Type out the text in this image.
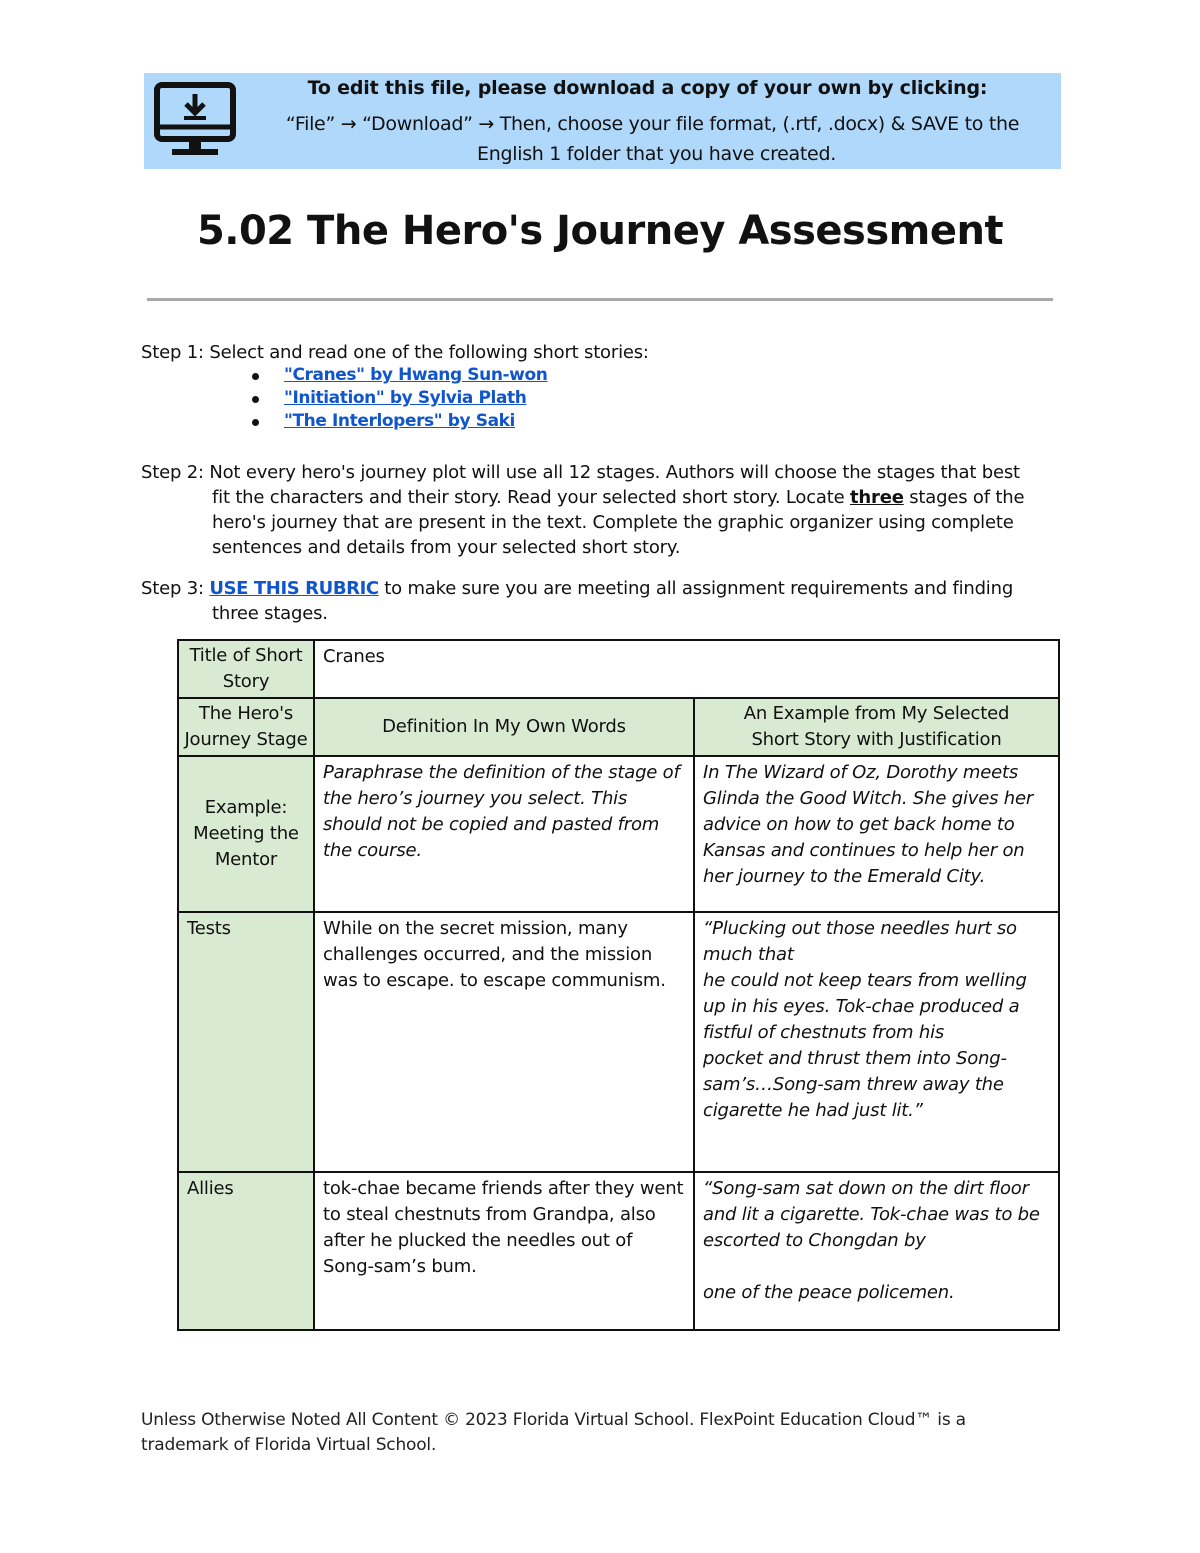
To edit this file, please download a copy of your own by clicking:
“File” → “Download” → Then, choose your file format, (.rtf, .docx) & SAVE to the
English 1 folder that you have created.
5.02 The Hero's Journey Assessment
Step 1: Select and read one of the following short stories:
"Cranes" by Hwang Sun-won
"Initiation" by Sylvia Plath
"The Interlopers" by Saki
Step 2: Not every hero's journey plot will use all 12 stages. Authors will choose the stages that best
fit the characters and their story. Read your selected short story. Locate three stages of the
hero's journey that are present in the text. Complete the graphic organizer using complete
sentences and details from your selected short story.
Step 3: USE THIS RUBRIC to make sure you are meeting all assignment requirements and finding
three stages.
Title of Short Story	Cranes	
The Hero's Journey Stage	Definition In My Own Words	An Example from My Selected Short Story with Justification
Example: Meeting the Mentor	Paraphrase the definition of the stage of the hero’s journey you select. This should not be copied and pasted from the course.	In The Wizard of Oz, Dorothy meets Glinda the Good Witch. She gives her advice on how to get back home to Kansas and continues to help her on her journey to the Emerald City.
Tests	While on the secret mission, many challenges occurred, and the mission was to escape. to escape communism.	“Plucking out those needles hurt so much that
he could not keep tears from welling up in his eyes. Tok-chae produced a fistful of chestnuts from his
pocket and thrust them into Song-sam’s…Song-sam threw away the cigarette he had just lit.”

Allies	tok-chae became friends after they went to steal chestnuts from Grandpa, also after he plucked the needles out of Song-sam’s bum.	“Song-sam sat down on the dirt floor and lit a cigarette. Tok-chae was to be escorted to Chongdan by
one of the peace policemen.
Unless Otherwise Noted All Content © 2023 Florida Virtual School. FlexPoint Education Cloud™ is a trademark of Florida Virtual School.
